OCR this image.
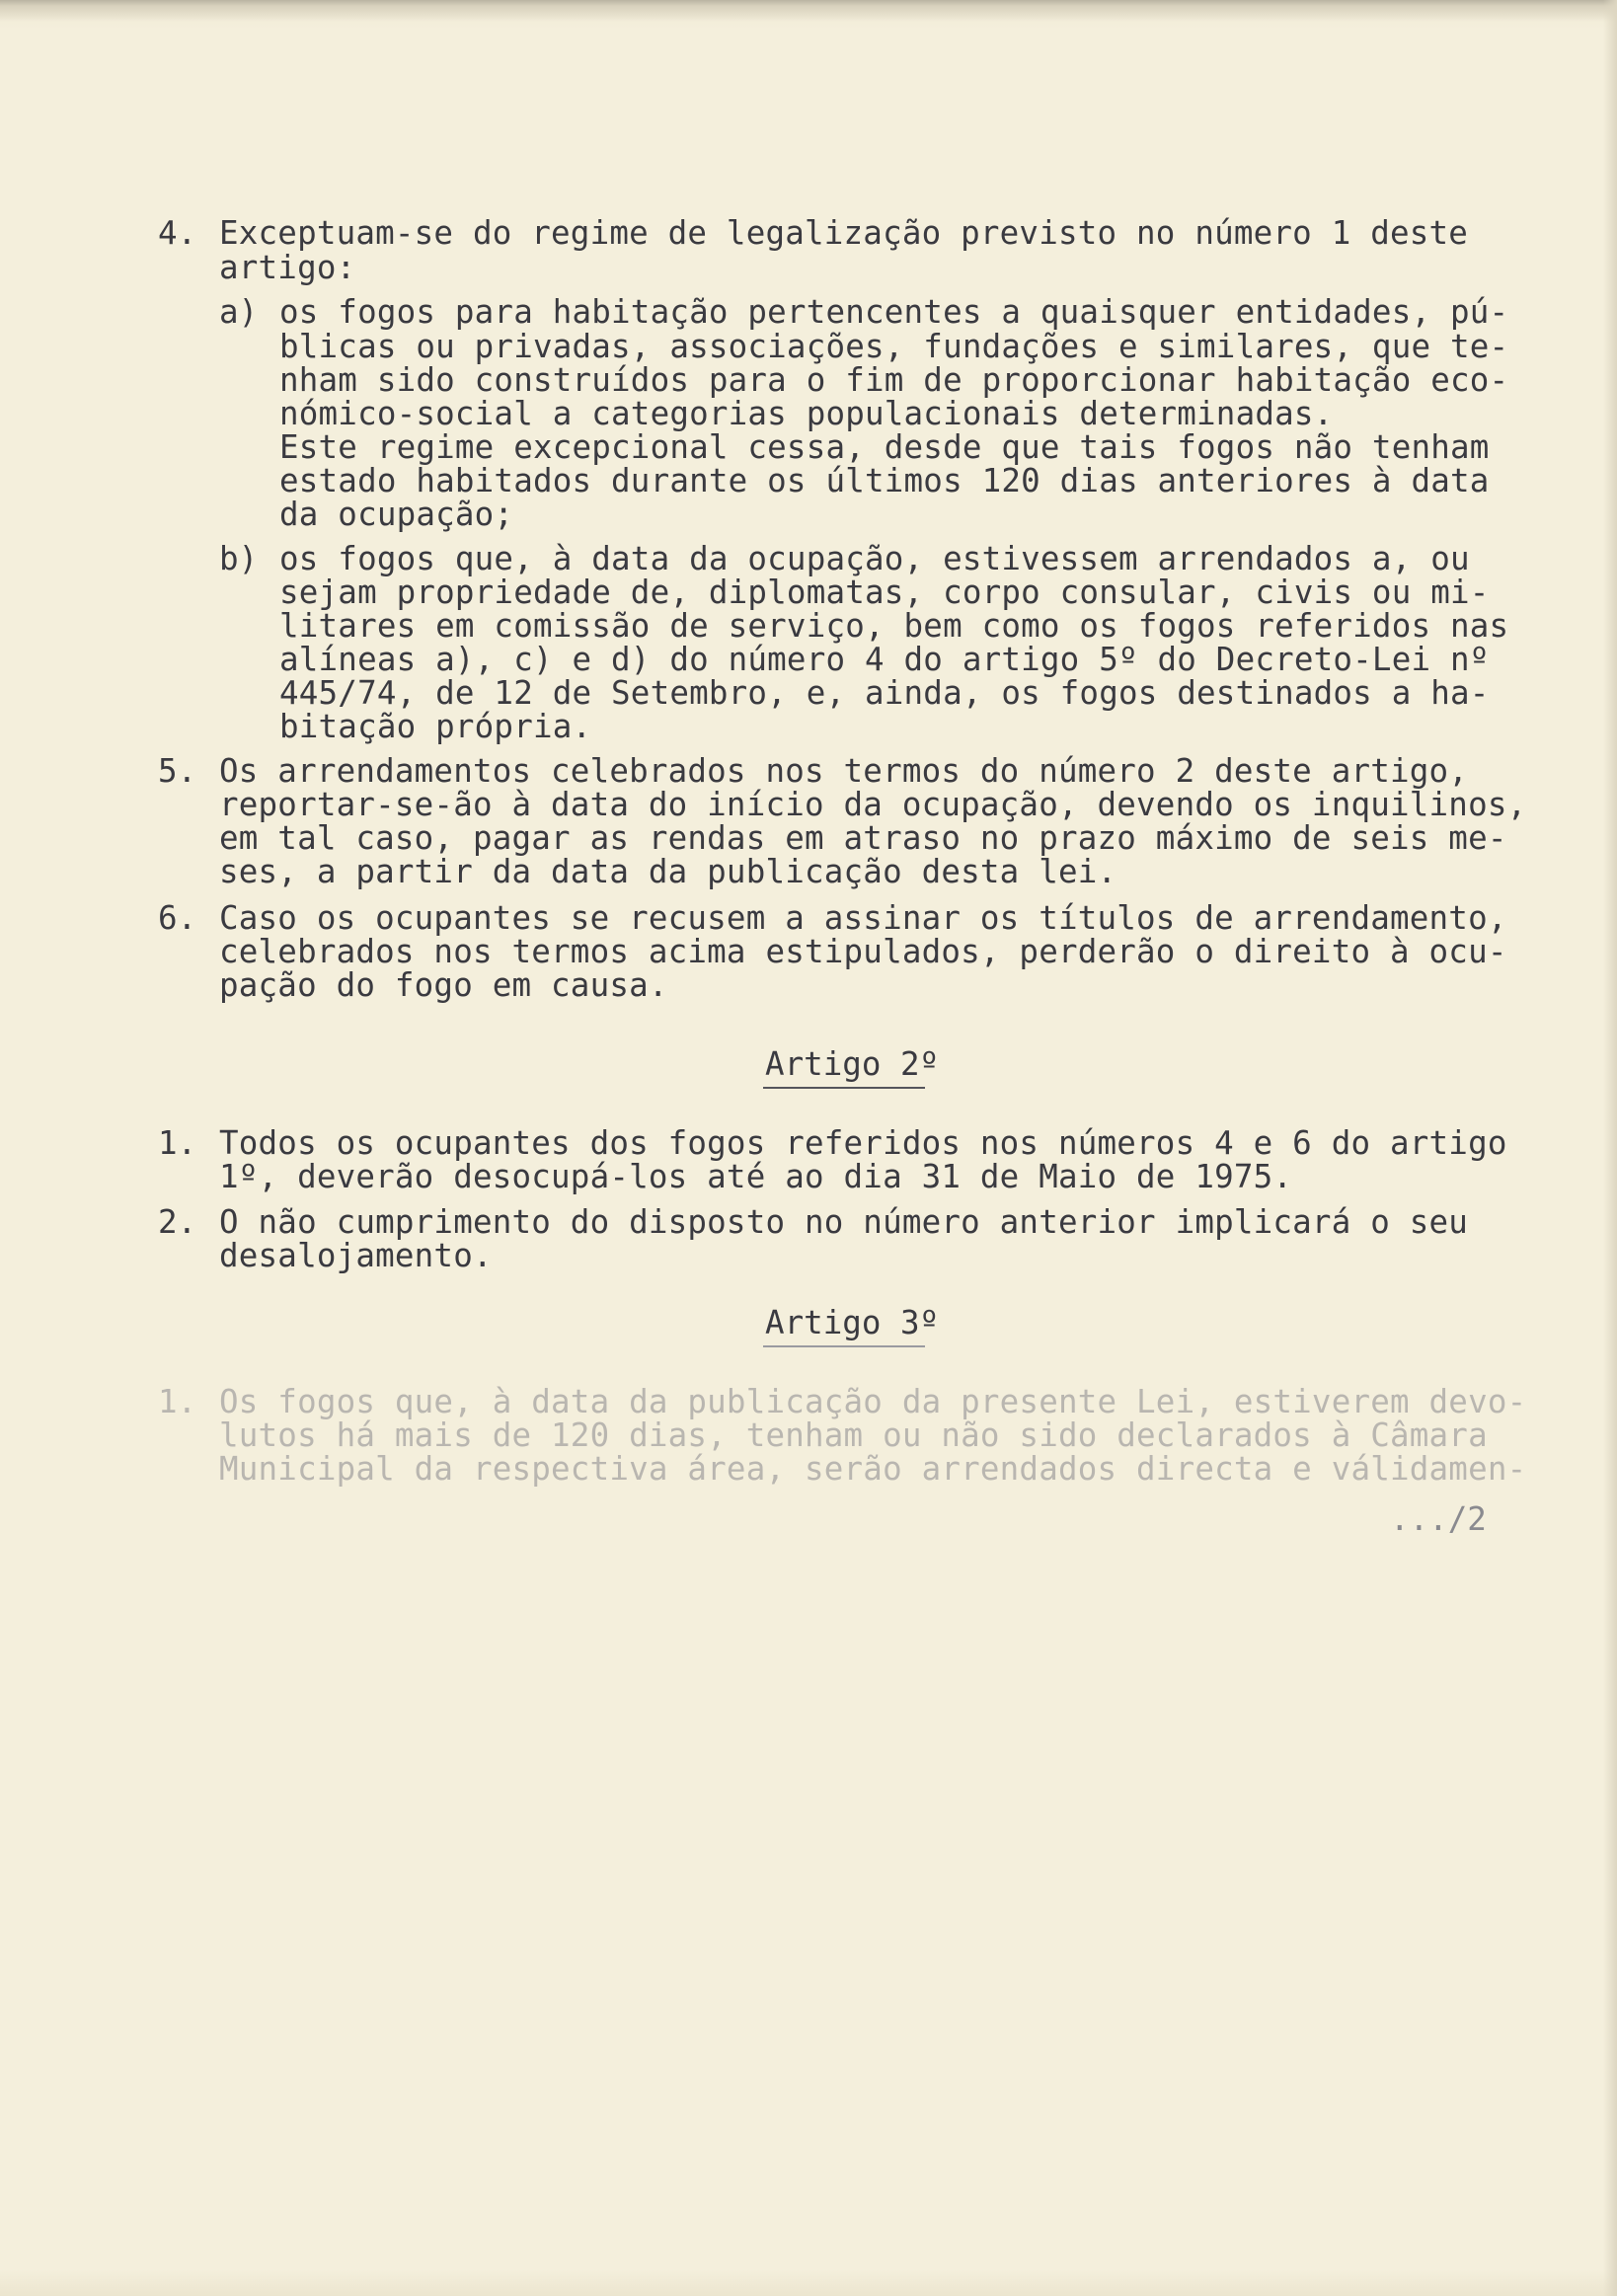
4. Exceptuam-se do regime de legalização previsto no número 1 deste
artigo:
a) os fogos para habitação pertencentes a quaisquer entidades, pú-
blicas ou privadas, associações, fundações e similares, que te-
nham sido construídos para o fim de proporcionar habitação eco-
nómico-social a categorias populacionais determinadas.
Este regime excepcional cessa, desde que tais fogos não tenham
estado habitados durante os últimos 120 dias anteriores à data
da ocupação;
b) os fogos que, à data da ocupação, estivessem arrendados a, ou
sejam propriedade de, diplomatas, corpo consular, civis ou mi-
litares em comissão de serviço, bem como os fogos referidos nas
alíneas a), c) e d) do número 4 do artigo 5º do Decreto-Lei nº
445/74, de 12 de Setembro, e, ainda, os fogos destinados a ha-
bitação própria.
5. Os arrendamentos celebrados nos termos do número 2 deste artigo,
reportar-se-ão à data do início da ocupação, devendo os inquilinos,
em tal caso, pagar as rendas em atraso no prazo máximo de seis me-
ses, a partir da data da publicação desta lei.
6. Caso os ocupantes se recusem a assinar os títulos de arrendamento,
celebrados nos termos acima estipulados, perderão o direito à ocu-
pação do fogo em causa.
Artigo 2º
1. Todos os ocupantes dos fogos referidos nos números 4 e 6 do artigo
1º, deverão desocupá-los até ao dia 31 de Maio de 1975.
2. O não cumprimento do disposto no número anterior implicará o seu
desalojamento.
Artigo 3º
1. Os fogos que, à data da publicação da presente Lei, estiverem devo-
lutos há mais de 120 dias, tenham ou não sido declarados à Câmara
Municipal da respectiva área, serão arrendados directa e válidamen-
.../2
